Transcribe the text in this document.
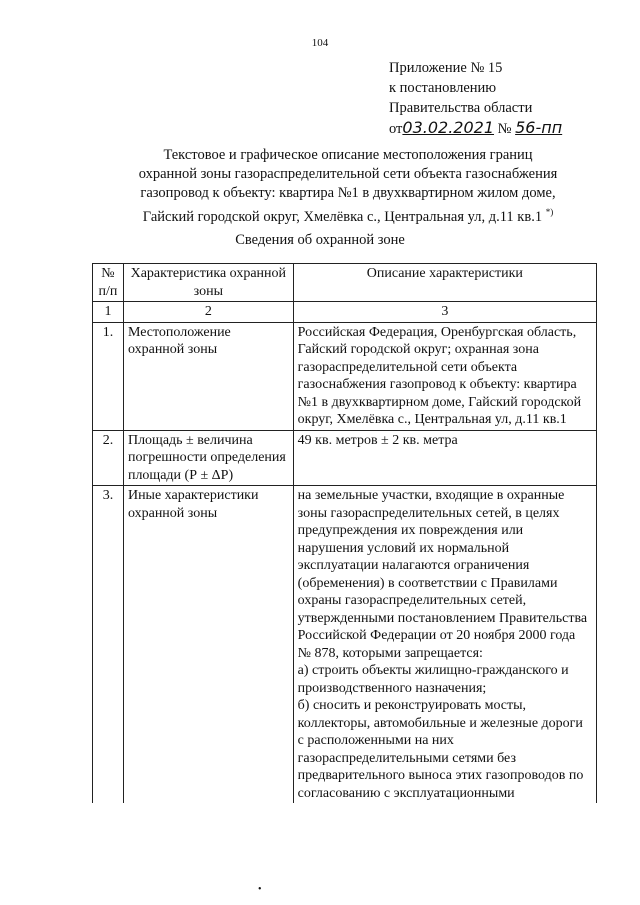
104
Приложение № 15
к постановлению
Правительства области
от03.02.2021 № 56-пп
Текстовое и графическое описание местоположения границ
охранной зоны газораспределительной сети объекта газоснабжения
газопровод к объекту: квартира №1 в двухквартирном жилом доме,
Гайский городской округ, Хмелёвка с., Центральная ул, д.11 кв.1 *)
Сведения об охранной зоне
№ п/п	Характеристика охранной зоны	Описание характеристики
1	2	3
1.	Местоположение охранной зоны	Российская Федерация, Оренбургская область, Гайский городской округ; охранная зона газораспределительной сети объекта газоснабжения газопровод к объекту: квартира №1 в двухквартирном доме, Гайский городской округ, Хмелёвка с., Центральная ул, д.11 кв.1
2.	Площадь ± величина погрешности определения площади (Р ± ΔР)	49 кв. метров ± 2 кв. метра
3.	Иные характеристики охранной зоны	на земельные участки, входящие в охранные зоны газораспределительных сетей, в целях предупреждения их повреждения или нарушения условий их нормальной эксплуатации налагаются ограничения (обременения) в соответствии с Правилами охраны газораспределительных сетей, утвержденными постановлением Правительства Российской Федерации от 20 ноября 2000 года № 878, которыми запрещается:
а) строить объекты жилищно-гражданского и производственного назначения;
б) сносить и реконструировать мосты, коллекторы, автомобильные и железные дороги с расположенными на них газораспределительными сетями без предварительного выноса этих газопроводов по согласованию с эксплуатационными
•
